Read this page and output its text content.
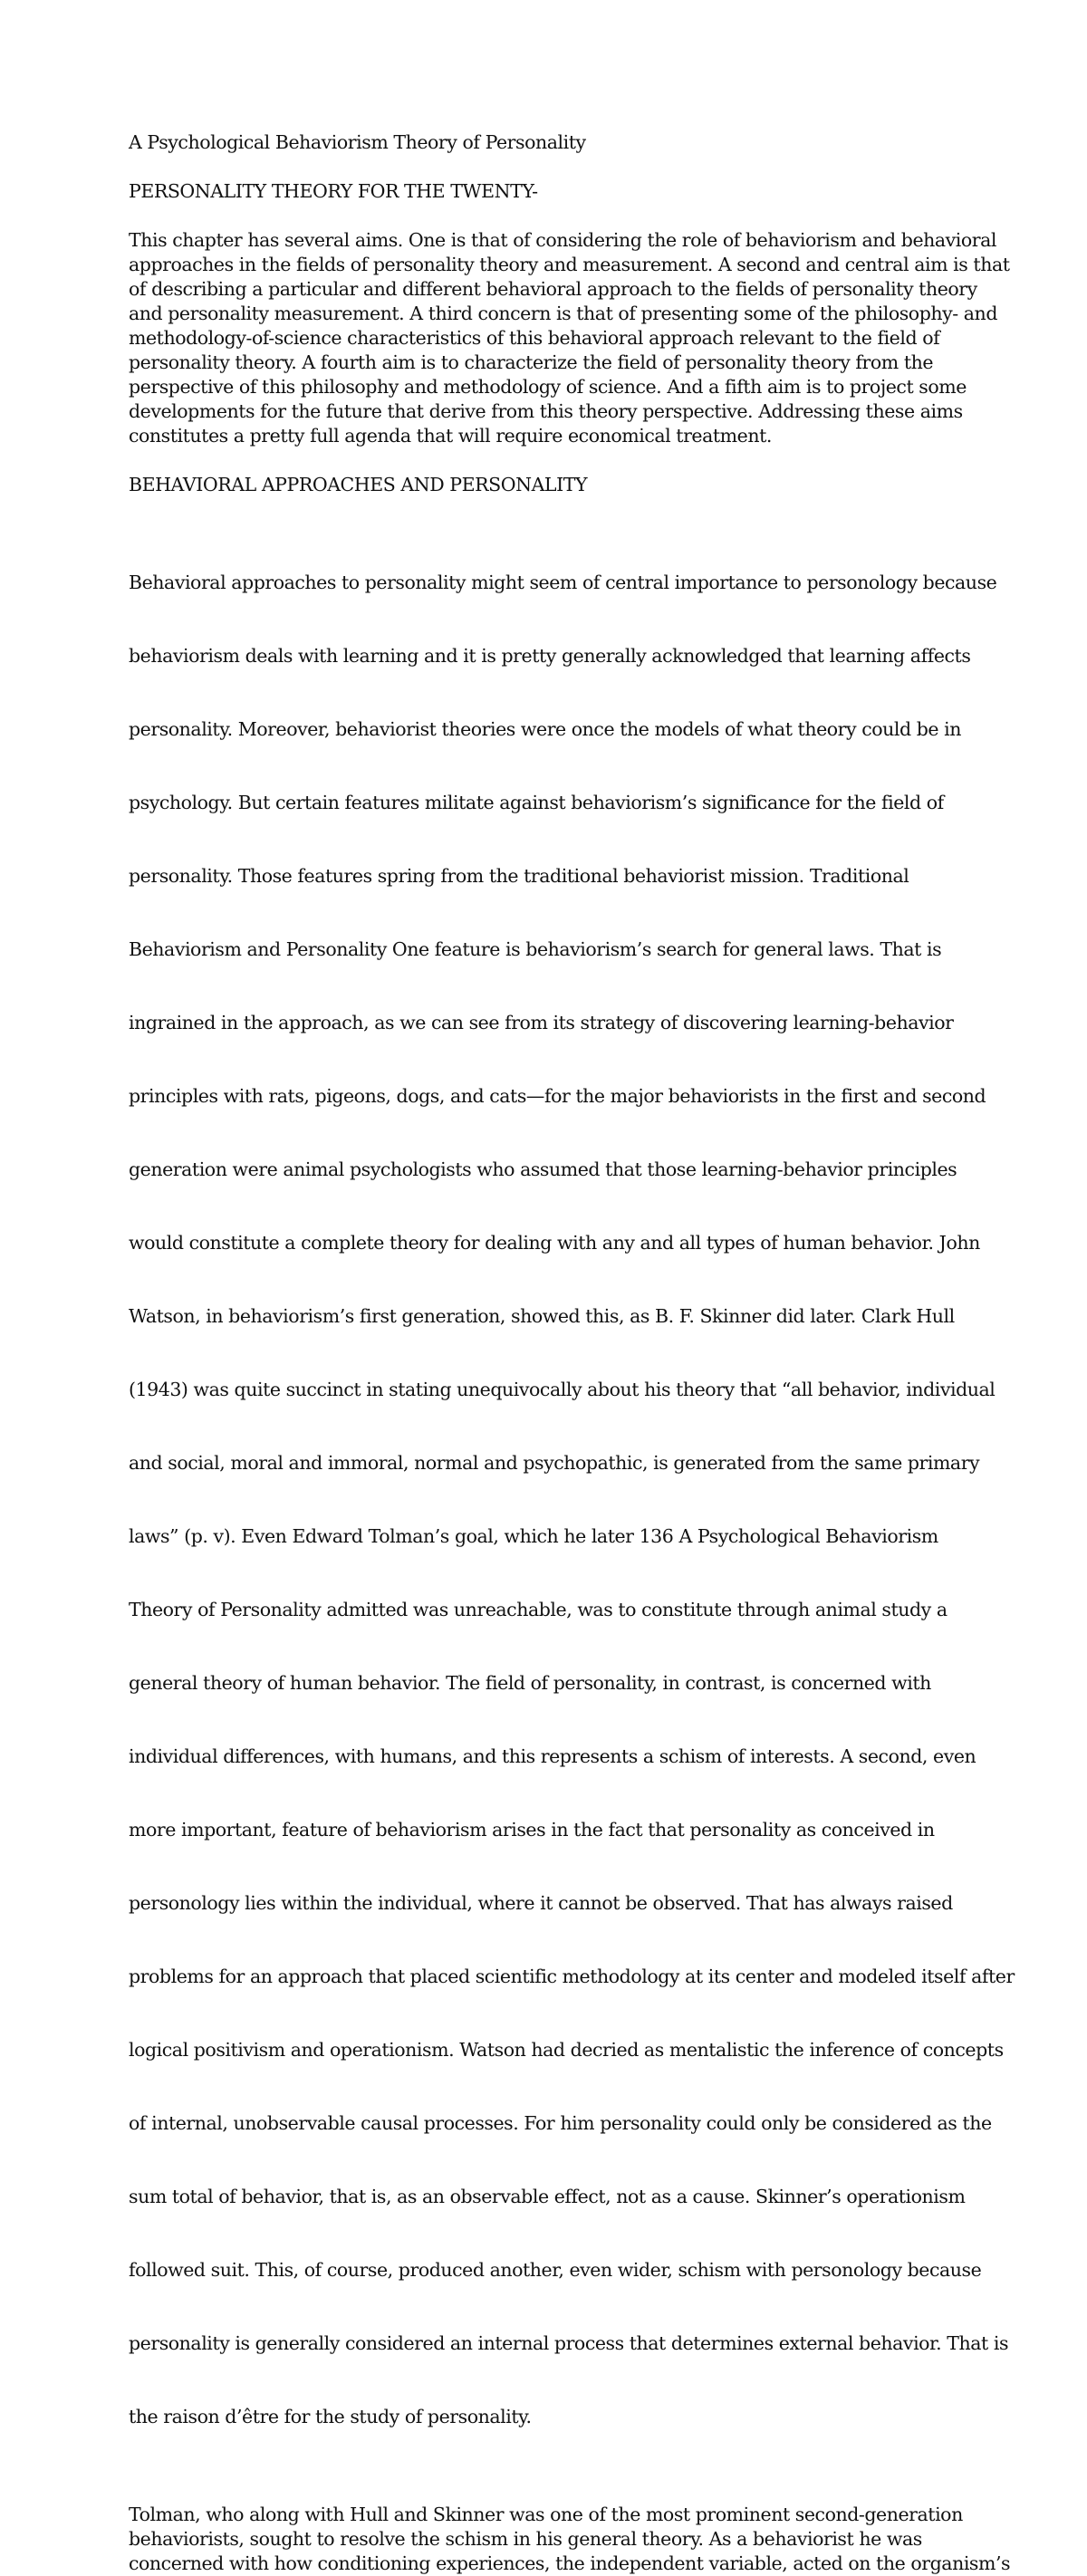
A Psychological Behaviorism Theory of Personality
PERSONALITY THEORY FOR THE TWENTY-
This chapter has several aims. One is that of considering the role of behaviorism and behavioral
approaches in the fields of personality theory and measurement. A second and central aim is that
of describing a particular and different behavioral approach to the fields of personality theory
and personality measurement. A third concern is that of presenting some of the philosophy- and
methodology-of-science characteristics of this behavioral approach relevant to the field of
personality theory. A fourth aim is to characterize the field of personality theory from the
perspective of this philosophy and methodology of science. And a fifth aim is to project some
developments for the future that derive from this theory perspective. Addressing these aims
constitutes a pretty full agenda that will require economical treatment.
BEHAVIORAL APPROACHES AND PERSONALITY

Behavioral approaches to personality might seem of central importance to personology because

behaviorism deals with learning and it is pretty generally acknowledged that learning affects

personality. Moreover, behaviorist theories were once the models of what theory could be in

psychology. But certain features militate against behaviorism’s significance for the field of

personality. Those features spring from the traditional behaviorist mission. Traditional

Behaviorism and Personality One feature is behaviorism’s search for general laws. That is

ingrained in the approach, as we can see from its strategy of discovering learning-behavior

principles with rats, pigeons, dogs, and cats—for the major behaviorists in the first and second

generation were animal psychologists who assumed that those learning-behavior principles

would constitute a complete theory for dealing with any and all types of human behavior. John

Watson, in behaviorism’s first generation, showed this, as B. F. Skinner did later. Clark Hull

(1943) was quite succinct in stating unequivocally about his theory that “all behavior, individual

and social, moral and immoral, normal and psychopathic, is generated from the same primary

laws” (p. v). Even Edward Tolman’s goal, which he later 136 A Psychological Behaviorism

Theory of Personality admitted was unreachable, was to constitute through animal study a

general theory of human behavior. The field of personality, in contrast, is concerned with

individual differences, with humans, and this represents a schism of interests. A second, even

more important, feature of behaviorism arises in the fact that personality as conceived in

personology lies within the individual, where it cannot be observed. That has always raised

problems for an approach that placed scientific methodology at its center and modeled itself after

logical positivism and operationism. Watson had decried as mentalistic the inference of concepts

of internal, unobservable causal processes. For him personality could only be considered as the

sum total of behavior, that is, as an observable effect, not as a cause. Skinner’s operationism

followed suit. This, of course, produced another, even wider, schism with personology because

personality is generally considered an internal process that determines external behavior. That is

the raison d’être for the study of personality.

Tolman, who along with Hull and Skinner was one of the most prominent second-generation
behaviorists, sought to resolve the schism in his general theory. As a behaviorist he was
concerned with how conditioning experiences, the independent variable, acted on the organism’s
